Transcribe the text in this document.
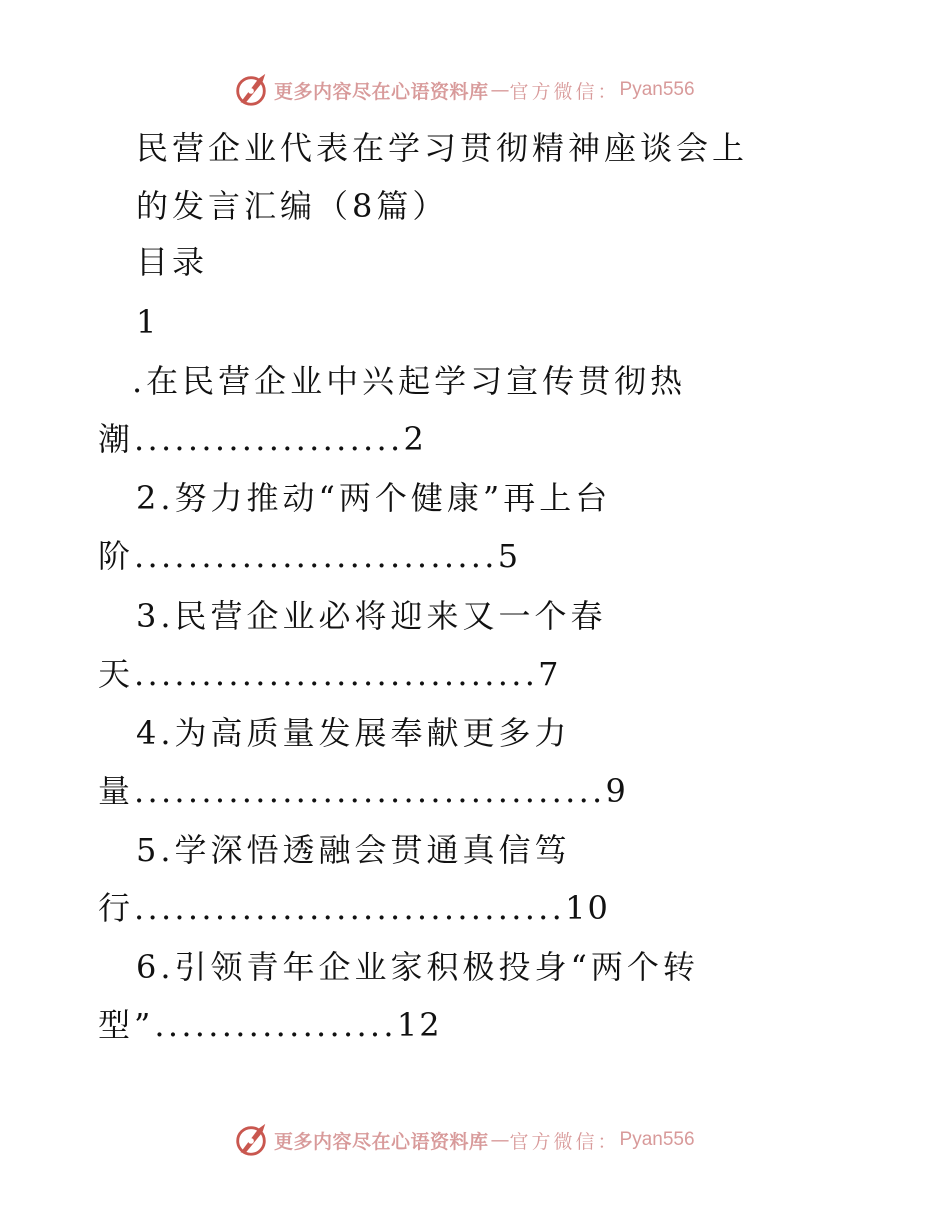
更多内容尽在心语资料库 — 官方微信： Pyan556
民营企业代表在学习贯彻精神座谈会上
的发言汇编（8篇）
目录
1
.在民营企业中兴起学习宣传贯彻热
潮....................2
2.努力推动“两个健康”再上台
阶...........................5
3.民营企业必将迎来又一个春
天..............................7
4.为高质量发展奉献更多力
量...................................9
5.学深悟透融会贯通真信笃
行................................10
6.引领青年企业家积极投身“两个转
型”..................12
更多内容尽在心语资料库 — 官方微信： Pyan556
